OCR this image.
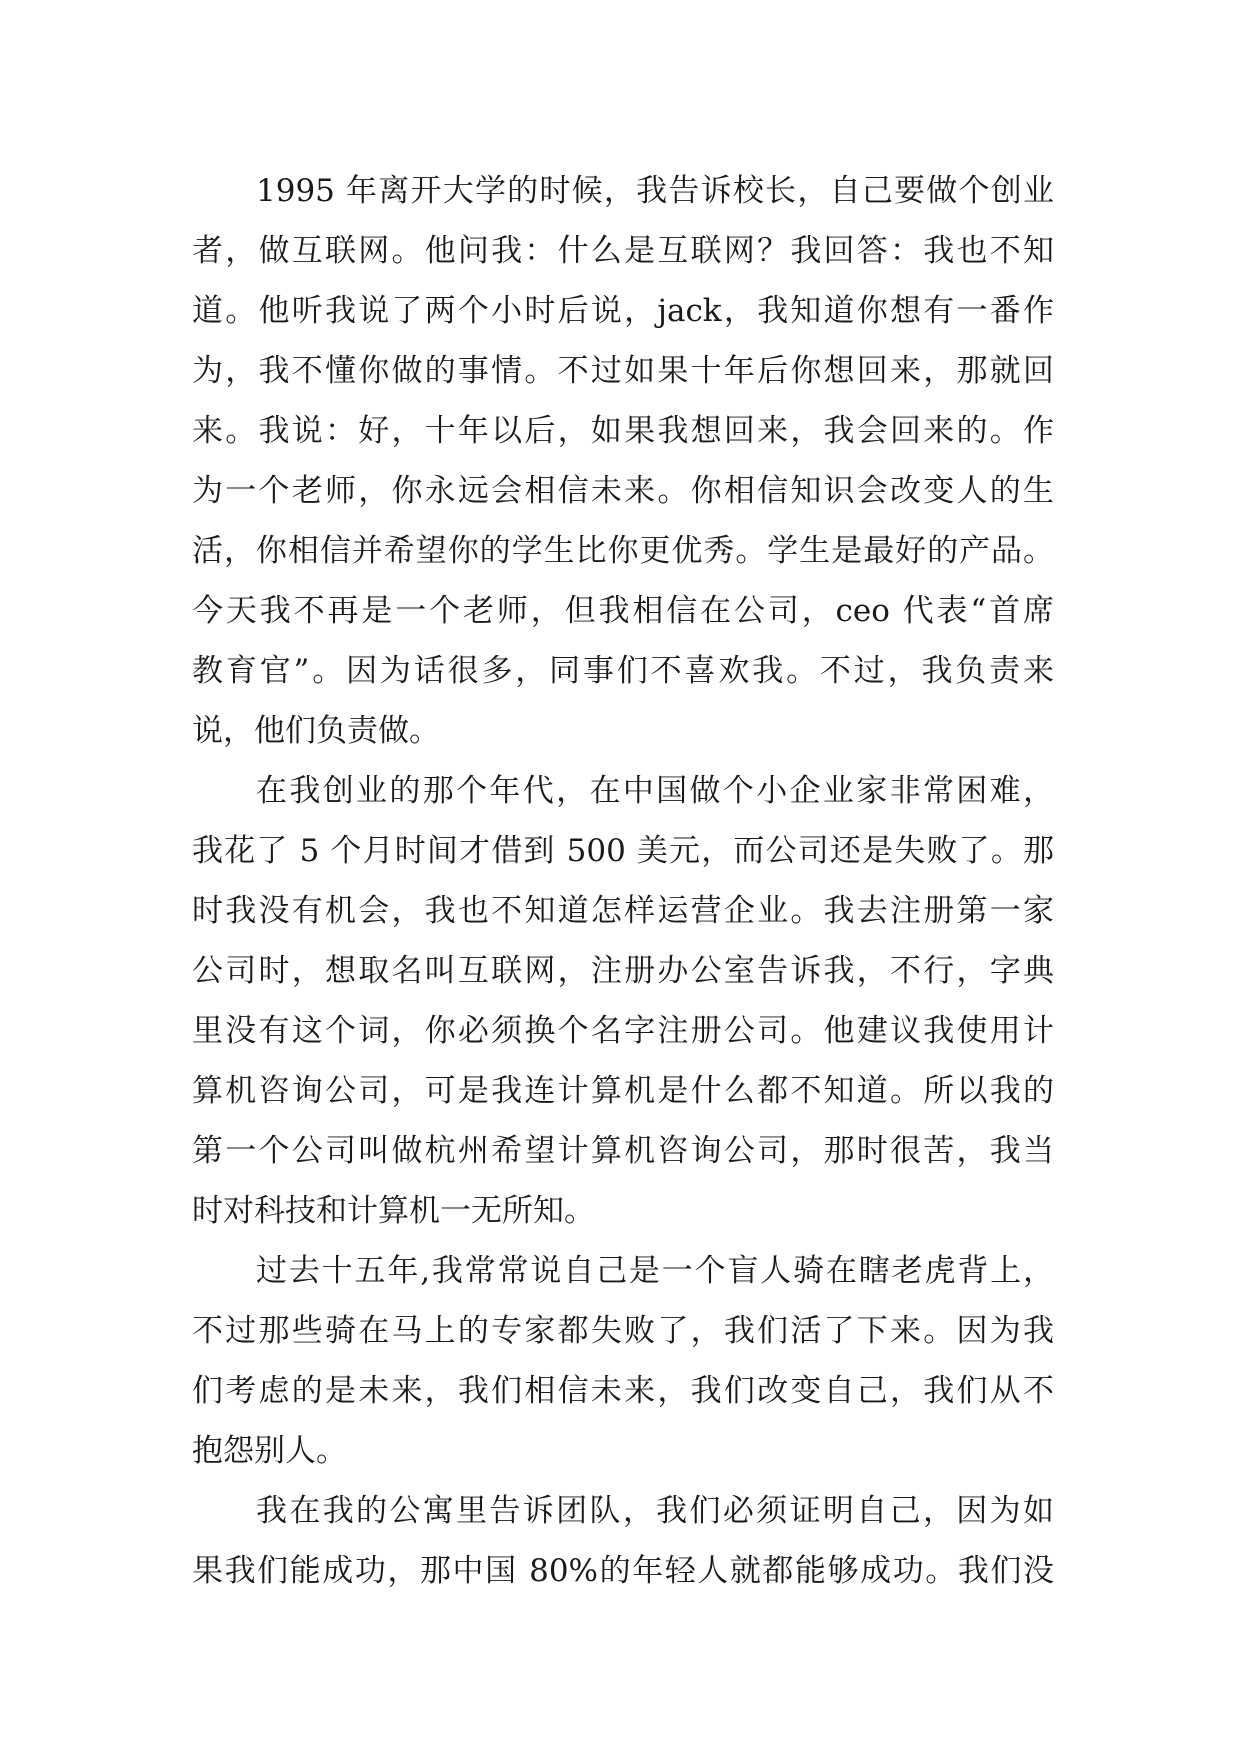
1995 年离开大学的时候，我告诉校长，自己要做个创业
者，做互联网。他问我：什么是互联网？我回答：我也不知
道。他听我说了两个小时后说，jack，我知道你想有一番作
为，我不懂你做的事情。不过如果十年后你想回来，那就回
来。我说：好，十年以后，如果我想回来，我会回来的。作
为一个老师，你永远会相信未来。你相信知识会改变人的生
活，你相信并希望你的学生比你更优秀。学生是最好的产品。
今天我不再是一个老师，但我相信在公司，ceo 代表“首席
教育官”。因为话很多，同事们不喜欢我。不过，我负责来
说，他们负责做。
在我创业的那个年代，在中国做个小企业家非常困难，
我花了 5 个月时间才借到 500 美元，而公司还是失败了。那
时我没有机会，我也不知道怎样运营企业。我去注册第一家
公司时，想取名叫互联网，注册办公室告诉我，不行，字典
里没有这个词，你必须换个名字注册公司。他建议我使用计
算机咨询公司，可是我连计算机是什么都不知道。所以我的
第一个公司叫做杭州希望计算机咨询公司，那时很苦，我当
时对科技和计算机一无所知。
过去十五年,我常常说自己是一个盲人骑在瞎老虎背上，
不过那些骑在马上的专家都失败了，我们活了下来。因为我
们考虑的是未来，我们相信未来，我们改变自己，我们从不
抱怨别人。
我在我的公寓里告诉团队，我们必须证明自己，因为如
果我们能成功，那中国 80%的年轻人就都能够成功。我们没
